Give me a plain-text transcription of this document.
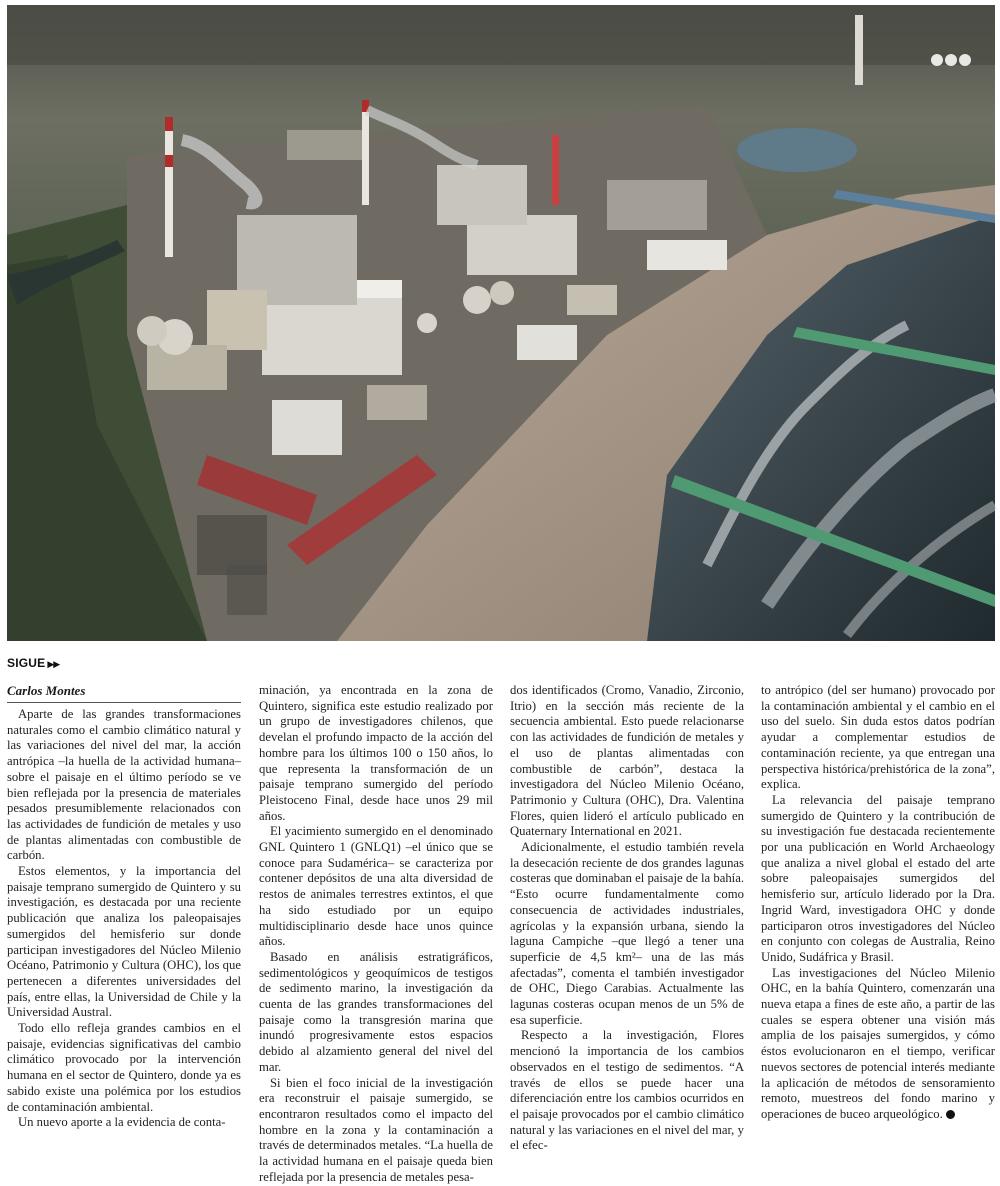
SIGUE ▶▶
Carlos Montes

Aparte de las grandes transformaciones naturales como el cambio climático natural y las variaciones del nivel del mar, la acción antrópica –la huella de la actividad humana– sobre el paisaje en el último período se ve bien reflejada por la presencia de materiales pesados presumiblemente relacionados con las actividades de fundición de metales y uso de plantas alimentadas con combustible de carbón.

Estos elementos, y la importancia del paisaje temprano sumergido de Quintero y su investigación, es destacada por una reciente publicación que analiza los paleopaisajes sumergidos del hemisferio sur donde participan investigadores del Núcleo Milenio Océano, Patrimonio y Cultura (OHC), los que pertenecen a diferentes universidades del país, entre ellas, la Universidad de Chile y la Universidad Austral.

Todo ello refleja grandes cambios en el paisaje, evidencias significativas del cambio climático provocado por la intervención humana en el sector de Quintero, donde ya es sabido existe una polémica por los estudios de contaminación ambiental.

Un nuevo aporte a la evidencia de conta-

minación, ya encontrada en la zona de Quintero, significa este estudio realizado por un grupo de investigadores chilenos, que develan el profundo impacto de la acción del hombre para los últimos 100 o 150 años, lo que representa la transformación de un paisaje temprano sumergido del período Pleistoceno Final, desde hace unos 29 mil años.

El yacimiento sumergido en el denominado GNL Quintero 1 (GNLQ1) –el único que se conoce para Sudamérica– se caracteriza por contener depósitos de una alta diversidad de restos de animales terrestres extintos, el que ha sido estudiado por un equipo multidisciplinario desde hace unos quince años.

Basado en análisis estratigráficos, sedimentológicos y geoquímicos de testigos de sedimento marino, la investigación da cuenta de las grandes transformaciones del paisaje como la transgresión marina que inundó progresivamente estos espacios debido al alzamiento general del nivel del mar.

Si bien el foco inicial de la investigación era reconstruir el paisaje sumergido, se encontraron resultados como el impacto del hombre en la zona y la contaminación a través de determinados metales. “La huella de la actividad humana en el paisaje queda bien reflejada por la presencia de metales pesa-

dos identificados (Cromo, Vanadio, Zirconio, Itrio) en la sección más reciente de la secuencia ambiental. Esto puede relacionarse con las actividades de fundición de metales y el uso de plantas alimentadas con combustible de carbón”, destaca la investigadora del Núcleo Milenio Océano, Patrimonio y Cultura (OHC), Dra. Valentina Flores, quien lideró el artículo publicado en Quaternary International en 2021.

Adicionalmente, el estudio también revela la desecación reciente de dos grandes lagunas costeras que dominaban el paisaje de la bahía. “Esto ocurre fundamentalmente como consecuencia de actividades industriales, agrícolas y la expansión urbana, siendo la laguna Campiche –que llegó a tener una superficie de 4,5 km²– una de las más afectadas”, comenta el también investigador de OHC, Diego Carabias. Actualmente las lagunas costeras ocupan menos de un 5% de esa superficie.

Respecto a la investigación, Flores mencionó la importancia de los cambios observados en el testigo de sedimentos. “A través de ellos se puede hacer una diferenciación entre los cambios ocurridos en el paisaje provocados por el cambio climático natural y las variaciones en el nivel del mar, y el efec-

to antrópico (del ser humano) provocado por la contaminación ambiental y el cambio en el uso del suelo. Sin duda estos datos podrían ayudar a complementar estudios de contaminación reciente, ya que entregan una perspectiva histórica/prehistórica de la zona”, explica.

La relevancia del paisaje temprano sumergido de Quintero y la contribución de su investigación fue destacada recientemente por una publicación en World Archaeology que analiza a nivel global el estado del arte sobre paleopaisajes sumergidos del hemisferio sur, artículo liderado por la Dra. Ingrid Ward, investigadora OHC y donde participaron otros investigadores del Núcleo en conjunto con colegas de Australia, Reino Unido, Sudáfrica y Brasil.

Las investigaciones del Núcleo Milenio OHC, en la bahía Quintero, comenzarán una nueva etapa a fines de este año, a partir de las cuales se espera obtener una visión más amplia de los paisajes sumergidos, y cómo éstos evolucionaron en el tiempo, verificar nuevos sectores de potencial interés mediante la aplicación de métodos de sensoramiento remoto, muestreos del fondo marino y operaciones de buceo arqueológico.
